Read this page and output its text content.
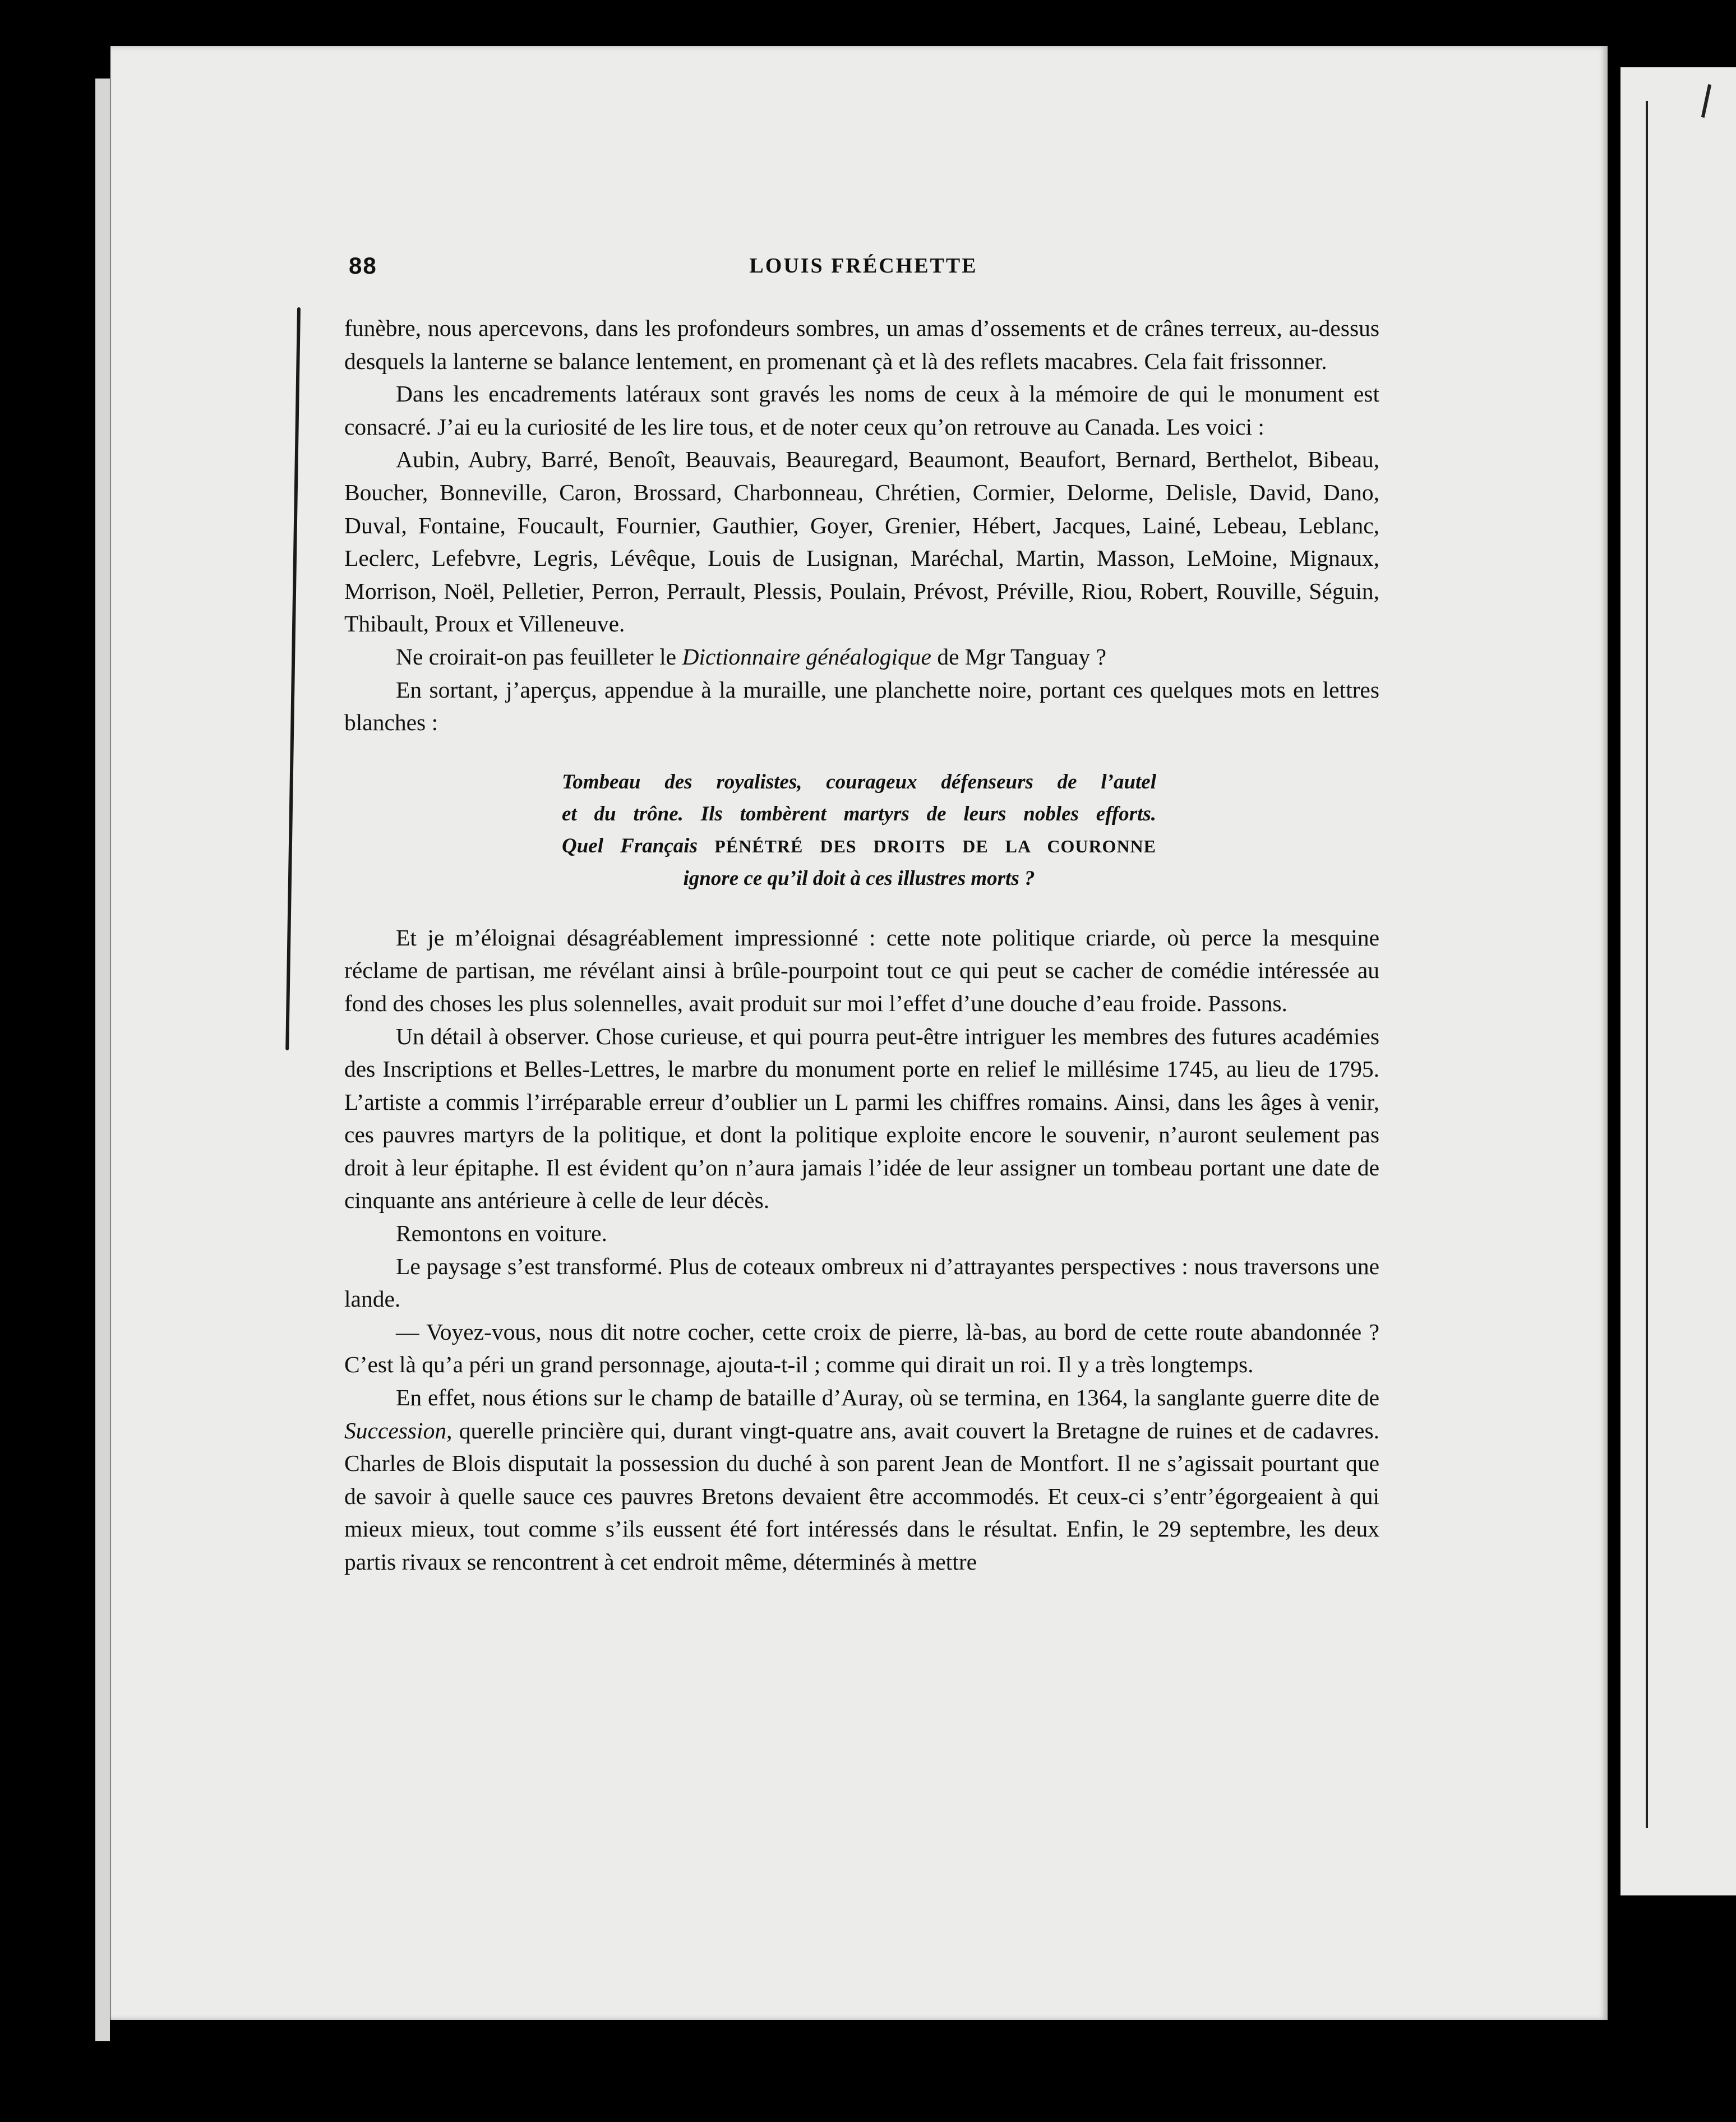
88	LOUIS FRÉCHETTE

funèbre, nous apercevons, dans les profondeurs sombres, un amas d’ossements et de crânes terreux, au-dessus desquels la lanterne se balance lentement, en promenant çà et là des reflets macabres. Cela fait frissonner.

Dans les encadrements latéraux sont gravés les noms de ceux à la mémoire de qui le monument est consacré. J’ai eu la curiosité de les lire tous, et de noter ceux qu’on retrouve au Canada. Les voici :

Aubin, Aubry, Barré, Benoît, Beauvais, Beauregard, Beaumont, Beaufort, Bernard, Berthelot, Bibeau, Boucher, Bonneville, Caron, Brossard, Charbonneau, Chrétien, Cormier, Delorme, Delisle, David, Dano, Duval, Fontaine, Foucault, Fournier, Gauthier, Goyer, Grenier, Hébert, Jacques, Lainé, Lebeau, Leblanc, Leclerc, Lefebvre, Legris, Lévêque, Louis de Lusignan, Maréchal, Martin, Masson, LeMoine, Mignaux, Morrison, Noël, Pelletier, Perron, Perrault, Plessis, Poulain, Prévost, Préville, Riou, Robert, Rouville, Séguin, Thibault, Proux et Villeneuve.

Ne croirait-on pas feuilleter le Dictionnaire généalogique de Mgr Tanguay ?

En sortant, j’aperçus, appendue à la muraille, une planchette noire, portant ces quelques mots en lettres blanches :

Tombeau des royalistes, courageux défenseurs de l’autel
et du trône. Ils tombèrent martyrs de leurs nobles efforts.
Quel Français PÉNÉTRÉ DES DROITS DE LA COURONNE
ignore ce qu’il doit à ces illustres morts ?

Et je m’éloignai désagréablement impressionné : cette note politique criarde, où perce la mesquine réclame de partisan, me révélant ainsi à brûle-pourpoint tout ce qui peut se cacher de comédie intéressée au fond des choses les plus solennelles, avait produit sur moi l’effet d’une douche d’eau froide. Passons.

Un détail à observer. Chose curieuse, et qui pourra peut-être intriguer les membres des futures académies des Inscriptions et Belles-Lettres, le marbre du monument porte en relief le millésime 1745, au lieu de 1795. L’artiste a commis l’irréparable erreur d’oublier un L parmi les chiffres romains. Ainsi, dans les âges à venir, ces pauvres martyrs de la politique, et dont la politique exploite encore le souvenir, n’auront seulement pas droit à leur épitaphe. Il est évident qu’on n’aura jamais l’idée de leur assigner un tombeau portant une date de cinquante ans antérieure à celle de leur décès.

Remontons en voiture.

Le paysage s’est transformé. Plus de coteaux ombreux ni d’attrayantes perspectives : nous traversons une lande.

— Voyez-vous, nous dit notre cocher, cette croix de pierre, là-bas, au bord de cette route abandonnée ? C’est là qu’a péri un grand personnage, ajouta-t-il ; comme qui dirait un roi. Il y a très longtemps.

En effet, nous étions sur le champ de bataille d’Auray, où se termina, en 1364, la sanglante guerre dite de Succession, querelle princière qui, durant vingt-quatre ans, avait couvert la Bretagne de ruines et de cadavres. Charles de Blois disputait la possession du duché à son parent Jean de Montfort. Il ne s’agissait pourtant que de savoir à quelle sauce ces pauvres Bretons devaient être accommodés. Et ceux-ci s’entr’égorgeaient à qui mieux mieux, tout comme s’ils eussent été fort intéressés dans le résultat. Enfin, le 29 septembre, les deux partis rivaux se rencontrent à cet endroit même, déterminés à mettre
